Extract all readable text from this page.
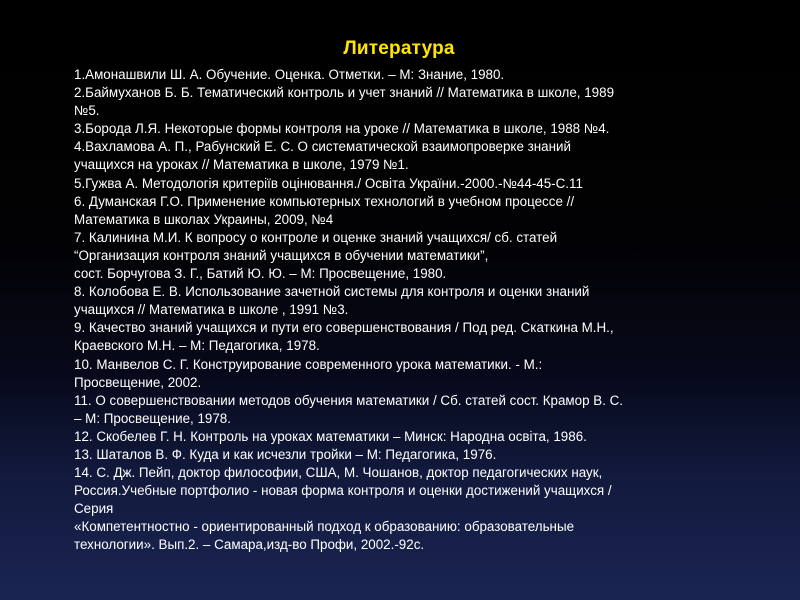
Литература
1.Амонашвили Ш. А. Обучение. Оценка. Отметки. – М: Знание, 1980.
2.Баймуханов Б. Б. Тематический контроль и учет знаний // Математика в школе, 1989
№5.
3.Борода Л.Я. Некоторые формы контроля на уроке // Математика в школе, 1988 №4.
4.Вахламова А. П., Рабунский Е. С. О систематической взаимопроверке знаний
учащихся на уроках // Математика в школе, 1979 №1.
5.Гужва А. Методологія критеріїв оцінювання./ Освіта України.-2000.-№44-45-С.11
6. Думанская Г.О. Применение компьютерных технологий в учебном процессе //
Математика в школах Украины, 2009, №4
7. Калинина М.И. К вопросу о контроле и оценке знаний учащихся/ сб. статей
“Организация контроля знаний учащихся в обучении математики”,
сост. Борчугова З. Г., Батий Ю. Ю. – М: Просвещение, 1980.
8. Колобова Е. В. Использование зачетной системы для контроля и оценки знаний
учащихся // Математика в школе , 1991 №3.
9. Качество знаний учащихся и пути его совершенствования / Под ред. Скаткина М.Н.,
Краевского М.Н. – М: Педагогика, 1978.
10. Манвелов С. Г. Конструирование современного урока математики. - М.:
Просвещение, 2002.
11. О совершенствовании методов обучения математики / Сб. статей сост. Крамор В. С.
– М: Просвещение, 1978.
12. Скобелев Г. Н. Контроль на уроках математики – Минск: Народна освіта, 1986.
13. Шаталов В. Ф. Куда и как исчезли тройки – М: Педагогика, 1976.
14. С. Дж. Пейп, доктор философии, США, М. Чошанов, доктор педагогических наук,
Россия.Учебные портфолио - новая форма контроля и оценки достижений учащихся /
Серия
«Компетентностно - ориентированный подход к образованию: образовательные
технологии». Вып.2. – Самара,изд-во Профи, 2002.-92с.
